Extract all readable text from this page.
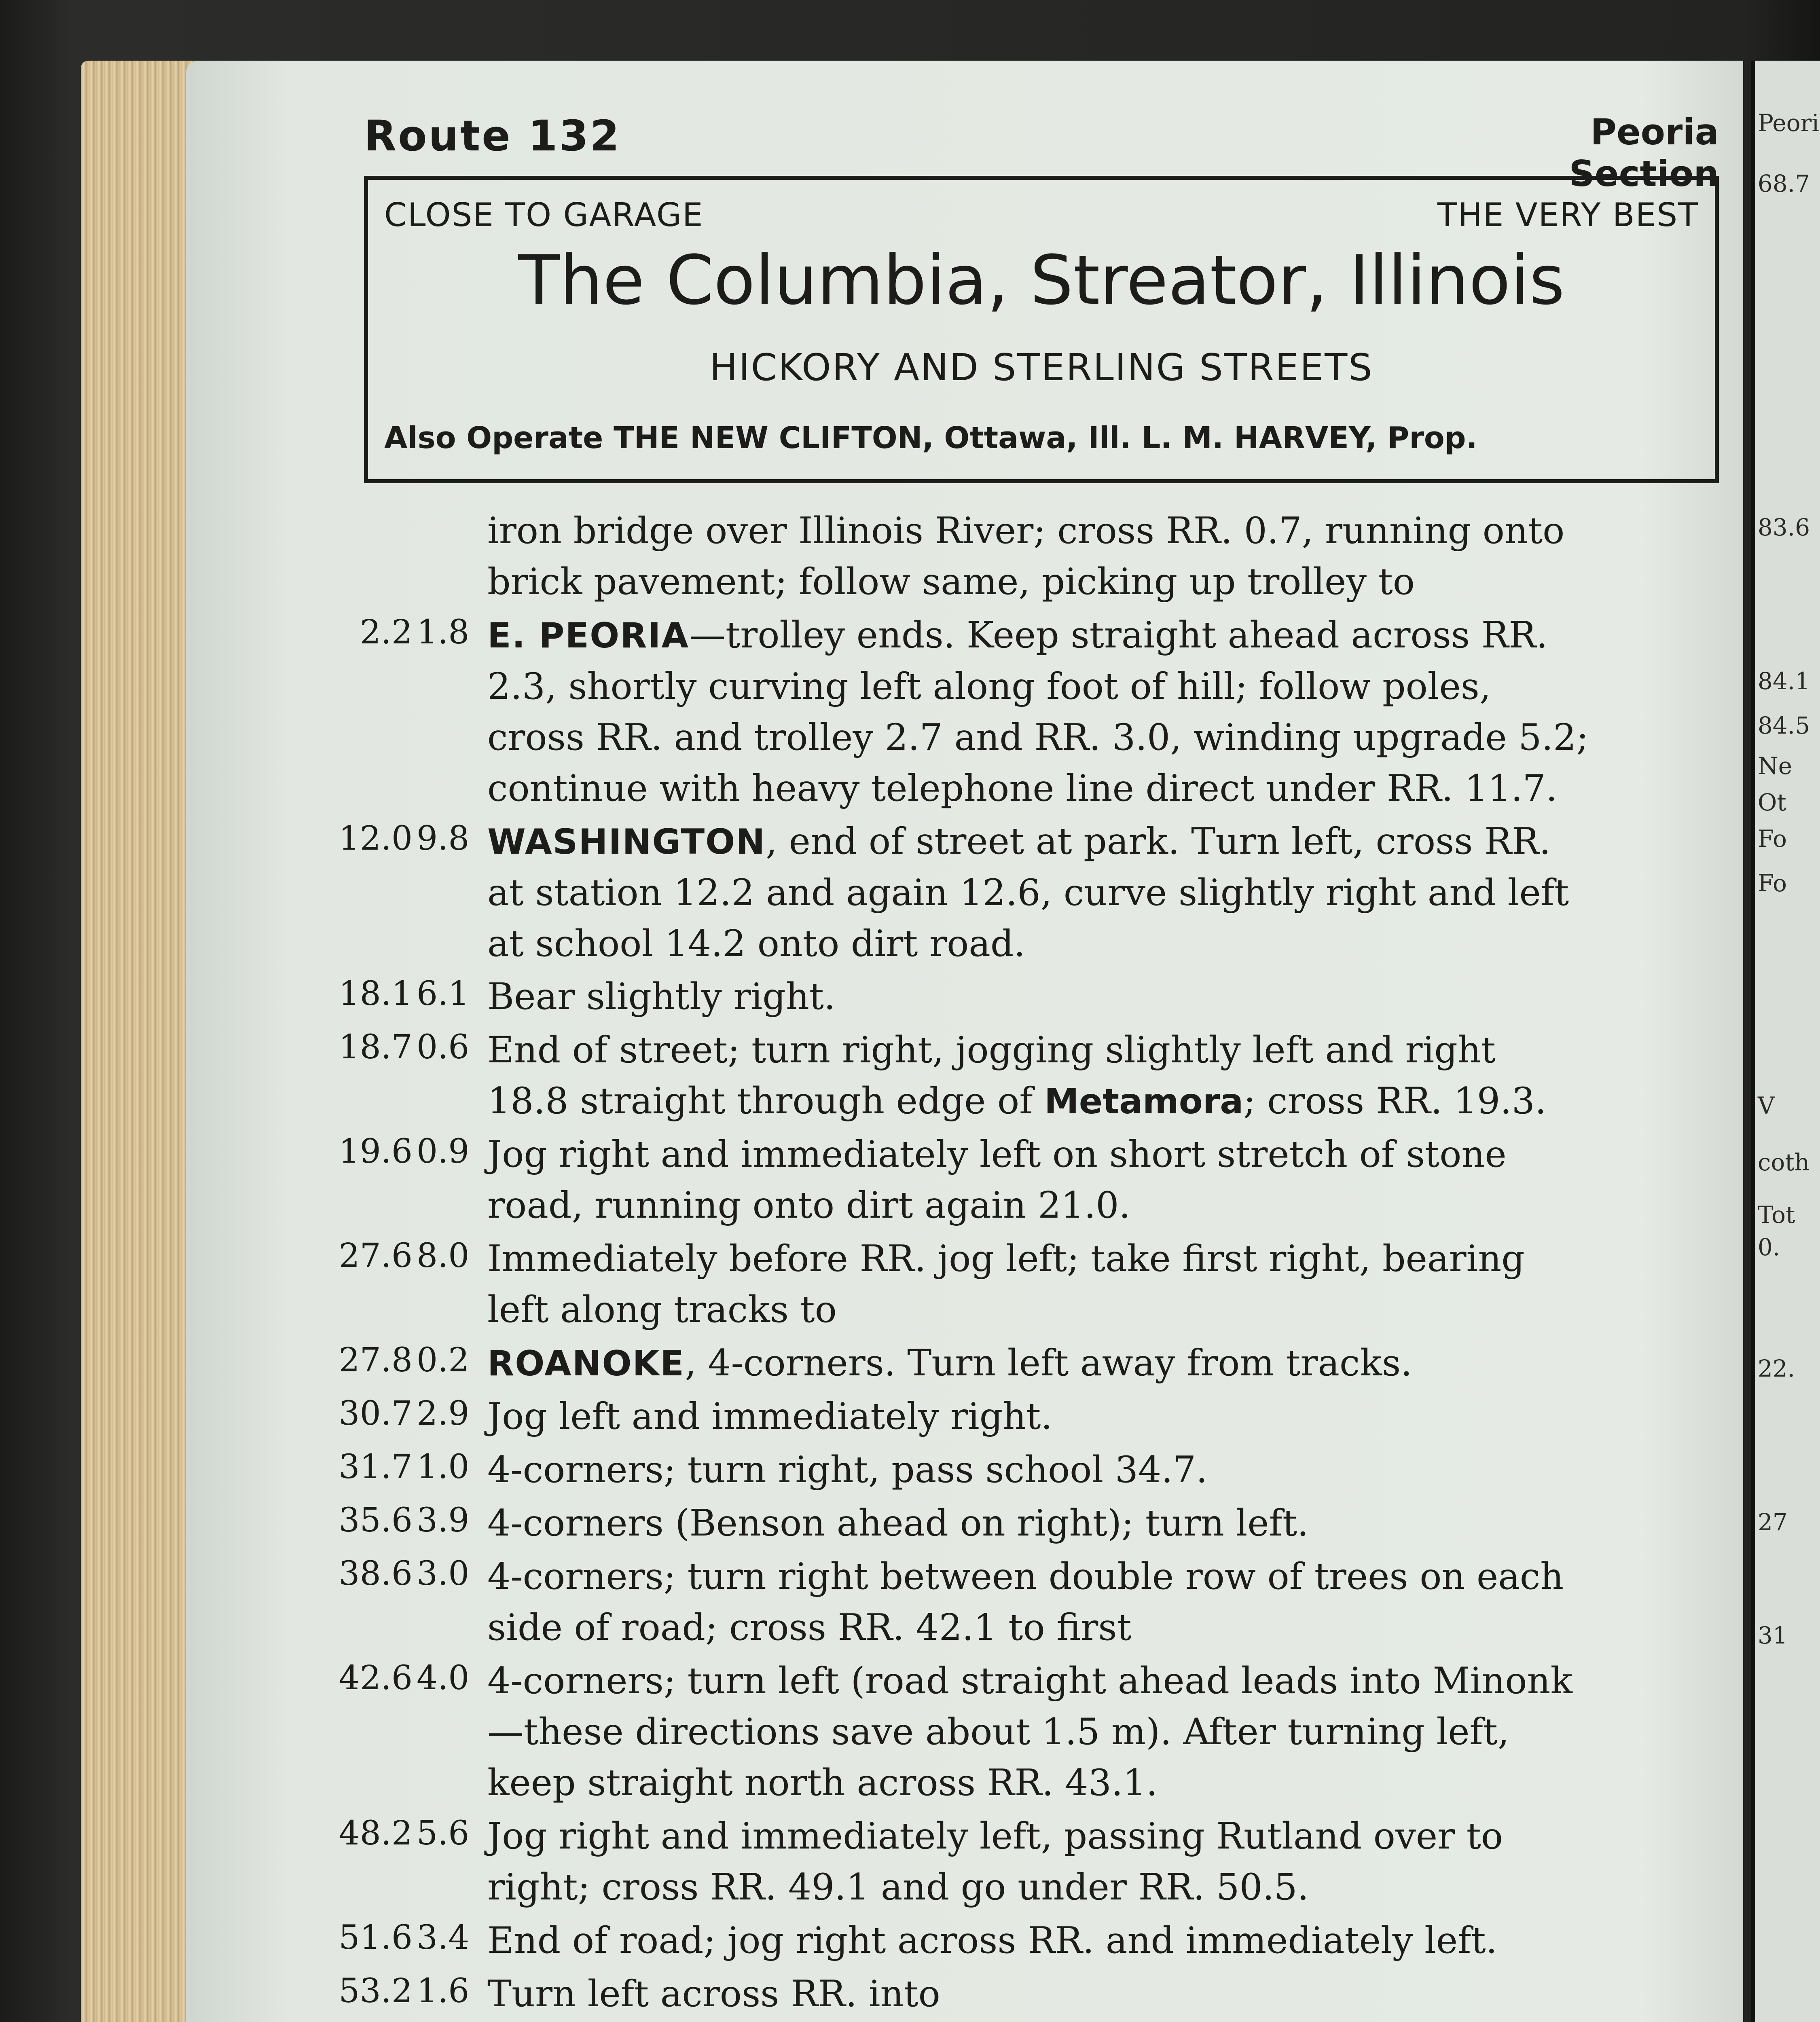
Peori
68.7
83.6
84.1
84.5
Ne
Ot
Fo
Fo
V
coth
Tot
0.
22.
27
31
Route 132	Peoria Section
CLOSE TO GARAGE	THE VERY BEST
The Columbia, Streator, Illinois
HICKORY AND STERLING STREETS
Also Operate THE NEW CLIFTON, Ottawa, Ill. L. M. HARVEY, Prop.
iron bridge over Illinois River; cross RR. 0.7, running onto
brick pavement; follow same, picking up trolley to
2.2 1.8 E. PEORIA—trolley ends. Keep straight ahead across RR.
2.3, shortly curving left along foot of hill; follow poles,
cross RR. and trolley 2.7 and RR. 3.0, winding upgrade 5.2;
continue with heavy telephone line direct under RR. 11.7.
12.0 9.8 WASHINGTON, end of street at park. Turn left, cross RR.
at station 12.2 and again 12.6, curve slightly right and left
at school 14.2 onto dirt road.
18.1 6.1 Bear slightly right.
18.7 0.6 End of street; turn right, jogging slightly left and right
18.8 straight through edge of Metamora; cross RR. 19.3.
19.6 0.9 Jog right and immediately left on short stretch of stone
road, running onto dirt again 21.0.
27.6 8.0 Immediately before RR. jog left; take first right, bearing
left along tracks to
27.8 0.2 ROANOKE, 4-corners. Turn left away from tracks.
30.7 2.9 Jog left and immediately right.
31.7 1.0 4-corners; turn right, pass school 34.7.
35.6 3.9 4-corners (Benson ahead on right); turn left.
38.6 3.0 4-corners; turn right between double row of trees on each
side of road; cross RR. 42.1 to first
42.6 4.0 4-corners; turn left (road straight ahead leads into Minonk
—these directions save about 1.5 m). After turning left,
keep straight north across RR. 43.1.
48.2 5.6 Jog right and immediately left, passing Rutland over to
right; cross RR. 49.1 and go under RR. 50.5.
51.6 3.4 End of road; jog right across RR. and immediately left.
53.2 1.6 Turn left across RR. into
